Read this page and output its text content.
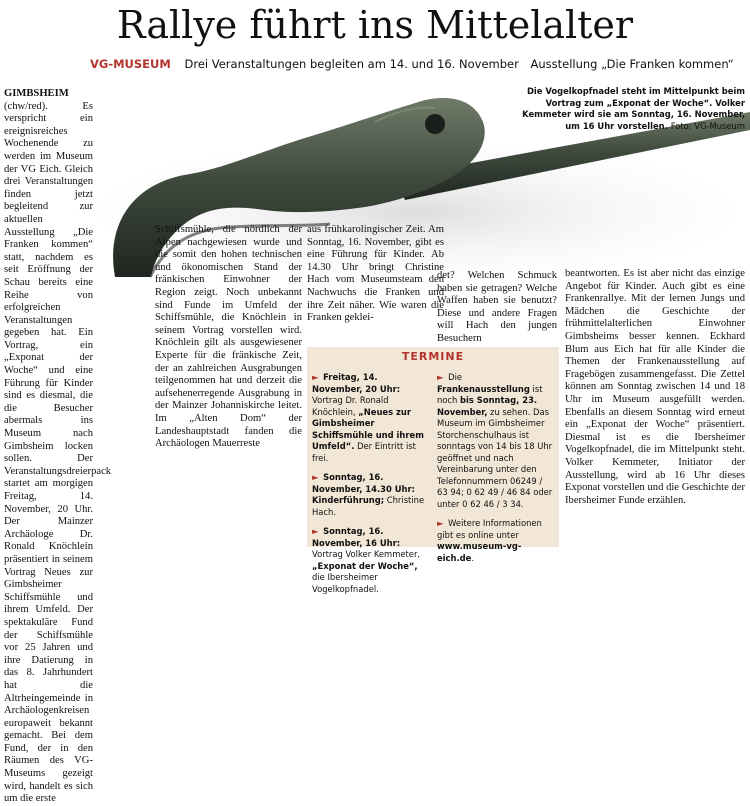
Rallye führt ins Mittelalter
VG-MUSEUM Drei Veranstaltungen begleiten am 14. und 16. November Ausstellung „Die Franken kommen“
Die Vogelkopfnadel steht im Mittelpunkt beim Vortrag zum „Exponat der Woche“. Volker Kemmeter wird sie am Sonntag, 16. November, um 16 Uhr vorstellen. Foto: VG-Museum

GIMBSHEIM (chw/red). Es verspricht ein ereignisreiches Wochenende zu werden im Museum der VG Eich. Gleich drei Veranstaltungen finden jetzt begleitend zur aktuellen Ausstellung „Die Franken kommen“ statt, nachdem es seit Eröffnung der Schau bereits eine Reihe von erfolgreichen Veranstaltungen gegeben hat. Ein Vortrag, ein „Exponat der Woche“ und eine Führung für Kinder sind es diesmal, die die Besucher abermals ins Museum nach Gimbsheim locken sollen. Der Veranstaltungsdreierpack startet am morgigen Freitag, 14. November, 20 Uhr. Der Mainzer Archäologe Dr. Ronald Knöchlein präsentiert in seinem Vortrag Neues zur Gimbsheimer Schiffsmühle und ihrem Umfeld. Der spektakuläre Fund der Schiffsmühle vor 25 Jahren und ihre Datierung in das 8. Jahrhundert hat die Altrheingemeinde in Archäologenkreisen europaweit bekannt gemacht. Bei dem Fund, der in den Räumen des VG-Museums gezeigt wird, handelt es sich um die erste

Schiffsmühle, die nördlich der Alpen nachgewiesen wurde und die somit den hohen technischen und ökonomischen Stand der fränkischen Einwohner der Region zeigt. Noch unbekannt sind Funde im Umfeld der Schiffsmühle, die Knöchlein in seinem Vortrag vorstellen wird. Knöchlein gilt als ausgewiesener Experte für die fränkische Zeit, der an zahlreichen Ausgrabungen teilgenommen hat und derzeit die aufsehenerregende Ausgrabung in der Mainzer Johanniskirche leitet. Im „Alten Dom“ der Landeshauptstadt fanden die Archäologen Mauerreste

aus frühkarolingischer Zeit. Am Sonntag, 16. November, gibt es eine Führung für Kinder. Ab 14.30 Uhr bringt Christine Hach vom Museumsteam den Nachwuchs die Franken und ihre Zeit näher. Wie waren die Franken geklei-

det? Welchen Schmuck haben sie getragen? Welche Waffen haben sie benutzt? Diese und andere Fragen will Hach den jungen Besuchern

beantworten. Es ist aber nicht das einzige Angebot für Kinder. Auch gibt es eine Frankenrallye. Mit der lernen Jungs und Mädchen die Geschichte der frühmittelalterlichen Einwohner Gimbsheims besser kennen. Eckhard Blum aus Eich hat für alle Kinder die Themen der Frankenausstellung auf Fragebögen zusammengefasst. Die Zettel können am Sonntag zwischen 14 und 18 Uhr im Museum ausgefüllt werden. Ebenfalls an diesem Sonntag wird erneut ein „Exponat der Woche“ präsentiert. Diesmal ist es die Ibersheimer Vogelkopfnadel, die im Mittelpunkt steht. Volker Kemmeter, Initiator der Ausstellung, wird ab 16 Uhr dieses Exponat vorstellen und die Geschichte der Ibersheimer Funde erzählen.

TERMINE
► Freitag, 14. November, 20 Uhr: Vortrag Dr. Ronald Knöchlein, „Neues zur Gimbsheimer Schiffsmühle und ihrem Umfeld“. Der Eintritt ist frei.
► Sonntag, 16. November, 14.30 Uhr: Kinderführung; Christine Hach.
► Sonntag, 16. November, 16 Uhr: Vortrag Volker Kemmeter, „Exponat der Woche“, die Ibersheimer Vogelkopfnadel.
► Die Frankenausstellung ist noch bis Sonntag, 23. November, zu sehen. Das Museum im Gimbsheimer Storchenschulhaus ist sonntags von 14 bis 18 Uhr geöffnet und nach Vereinbarung unter den Telefonnummern 06249 / 63 94; 0 62 49 / 46 84 oder unter 0 62 46 / 3 34.
► Weitere Informationen gibt es online unter www.museum-vg-eich.de.
